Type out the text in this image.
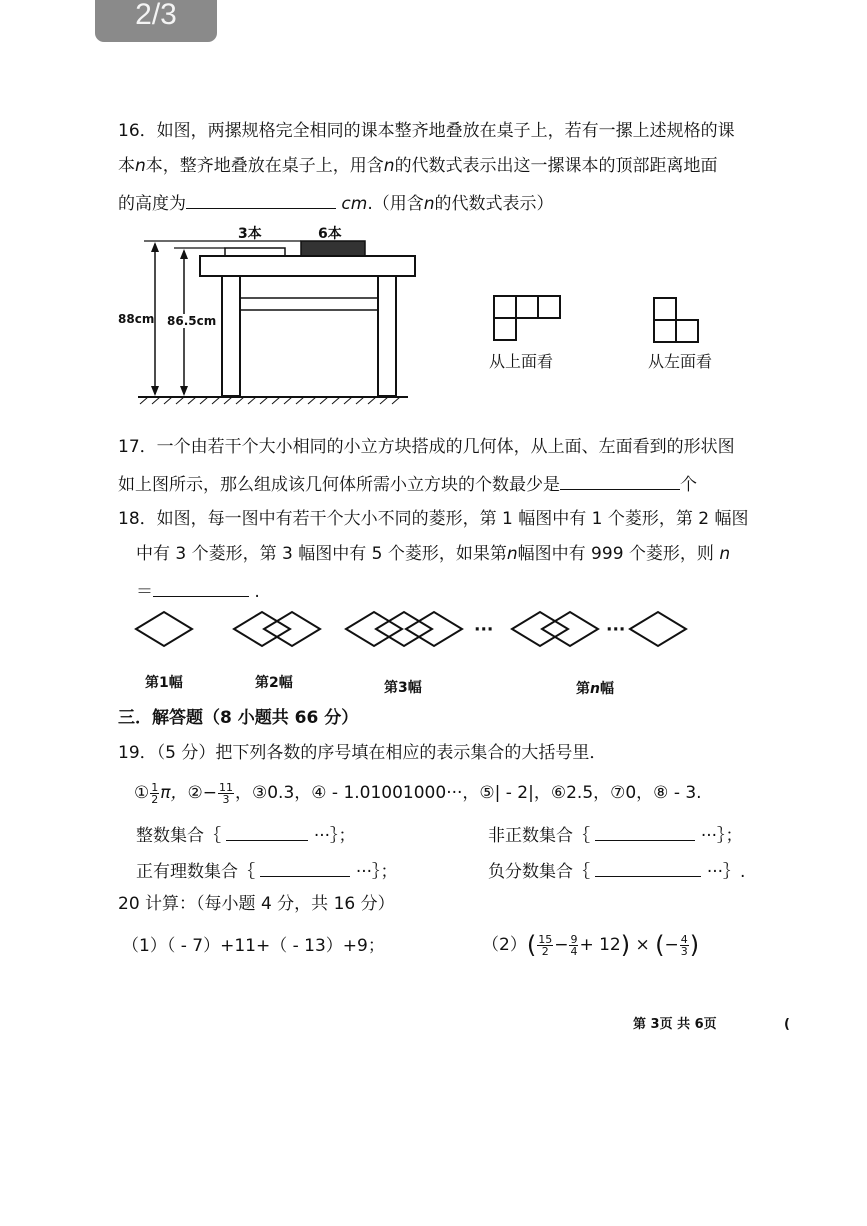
2/3
16．如图，两摞规格完全相同的课本整齐地叠放在桌子上，若有一摞上述规格的课
本n本，整齐地叠放在桌子上，用含n的代数式表示出这一摞课本的顶部距离地面
的高度为	cm.（用含n的代数式表示）
3本	6本
88cm 86.5cm
从上面看	从左面看
17．一个由若干个大小相同的小立方块搭成的几何体，从上面、左面看到的形状图
如上图所示，那么组成该几何体所需小立方块的个数最少是	个
18．如图，每一图中有若干个大小不同的菱形，第 1 幅图中有 1 个菱形，第 2 幅图
中有 3 个菱形，第 3 幅图中有 5 个菱形，如果第n幅图中有 999 个菱形，则 n
＝	.
···	···
第1幅	第2幅	第3幅	第n幅
三．解答题（8 小题共 66 分）
19．（5 分）把下列各数的序号填在相应的表示集合的大括号里．
① $\frac{1}{2}$ π，②− $\frac{11}{3}$ ，③0.3，④ - 1.01001000···，⑤| - 2|，⑥2.5，⑦0，⑧ - 3.
整数集合｛	···｝；	非正数集合｛	···｝；
正有理数集合｛	···｝；	负分数集合｛	···｝.
20 计算：（每小题 4 分，共 16 分）
（1）（ - 7）+11+（ - 13）+9；	$(2)( \frac{15}{2} - \frac{9}{4} + 12)$ × (− $\frac{4}{3}$ )
第 3页 共 6页	(
